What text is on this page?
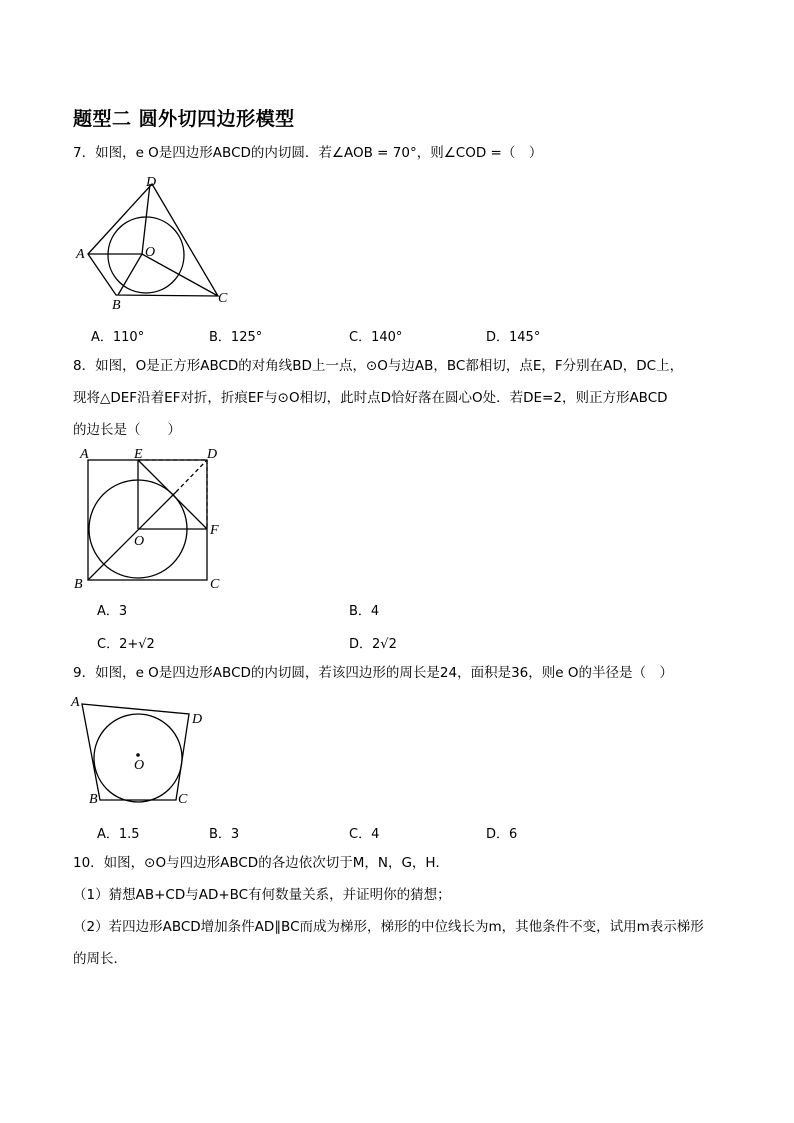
题型二 圆外切四边形模型
7．如图，e O是四边形ABCD的内切圆．若∠AOB = 70°，则∠COD =（　）
A
B	C
D
O
A．110°	B．125°	C．140°	D．145°
8．如图，O是正方形ABCD的对角线BD上一点，⊙O与边AB，BC都相切，点E，F分别在AD，DC上，
现将△DEF沿着EF对折，折痕EF与⊙O相切，此时点D恰好落在圆心O处．若DE=2，则正方形ABCD
的边长是（　　）
A
B	C
D
E
F
O
A．3	B．4
C．2+√2	D．2√2
9．如图，e O是四边形ABCD的内切圆，若该四边形的周长是24，面积是36，则e O的半径是（　）
A
B	C
D
O
A．1.5	B．3	C．4	D．6
10．如图，⊙O与四边形ABCD的各边依次切于M，N，G，H．
（1）猜想AB+CD与AD+BC有何数量关系，并证明你的猜想；
（2）若四边形ABCD增加条件AD∥BC而成为梯形，梯形的中位线长为m，其他条件不变，试用m表示梯形
的周长．
